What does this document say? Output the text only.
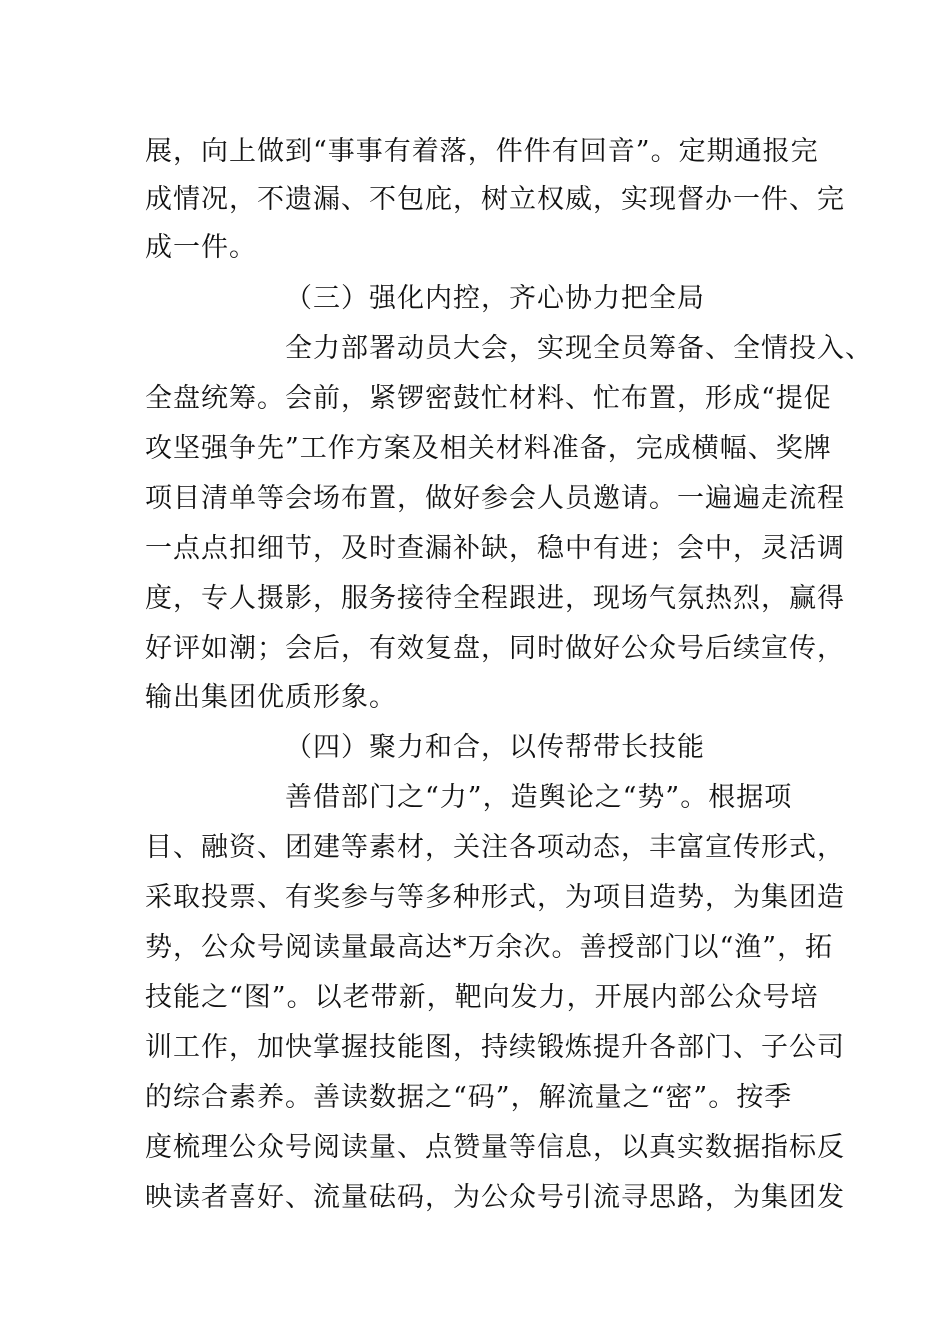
展，向上做到“事事有着落，件件有回音”。定期通报完
成情况，不遗漏、不包庇，树立权威，实现督办一件、完
成一件。
（三）强化内控，齐心协力把全局
全力部署动员大会，实现全员筹备、全情投入、
全盘统筹。会前，紧锣密鼓忙材料、忙布置，形成“提促
攻坚强争先”工作方案及相关材料准备，完成横幅、奖牌
项目清单等会场布置，做好参会人员邀请。一遍遍走流程
一点点扣细节，及时查漏补缺，稳中有进；会中，灵活调
度，专人摄影，服务接待全程跟进，现场气氛热烈，赢得
好评如潮；会后，有效复盘，同时做好公众号后续宣传，
输出集团优质形象。
（四）聚力和合，以传帮带长技能
善借部门之“力”，造舆论之“势”。根据项
目、融资、团建等素材，关注各项动态，丰富宣传形式，
采取投票、有奖参与等多种形式，为项目造势，为集团造
势，公众号阅读量最高达*万余次。善授部门以“渔”，拓
技能之“图”。以老带新，靶向发力，开展内部公众号培
训工作，加快掌握技能图，持续锻炼提升各部门、子公司
的综合素养。善读数据之“码”，解流量之“密”。按季
度梳理公众号阅读量、点赞量等信息，以真实数据指标反
映读者喜好、流量砝码，为公众号引流寻思路，为集团发
